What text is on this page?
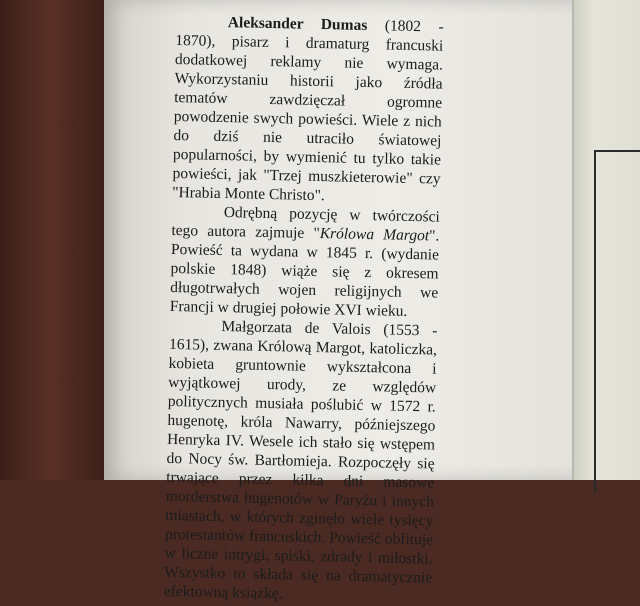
Aleksander Dumas (1802 - 1870), pisarz i dramaturg francuski dodatkowej reklamy nie wymaga. Wykorzystaniu historii jako źródła tematów zawdzięczał ogromne powodzenie swych powieści. Wiele z nich do dziś nie utraciło światowej popularności, by wymienić tu tylko takie powieści, jak "Trzej muszkieterowie" czy "Hrabia Monte Christo".

Odrębną pozycję w twórczości tego autora zajmuje "Królowa Margot". Powieść ta wydana w 1845 r. (wydanie polskie 1848) wiąże się z okresem długotrwałych wojen religijnych we Francji w drugiej połowie XVI wieku.

Małgorzata de Valois (1553 - 1615), zwana Królową Margot, katoliczka, kobieta gruntownie wykształcona i wyjątkowej urody, ze względów politycznych musiała poślubić w 1572 r. hugenotę, króla Nawarry, późniejszego Henryka IV. Wesele ich stało się wstępem do Nocy św. Bartłomieja. Rozpoczęły się trwające przez kilka dni masowe morderstwa hugenotów w Paryżu i innych miastach, w których zginęło wiele tysięcy protestantów francuskich. Powieść obfituje w liczne intrygi, spiski, zdrady i miłostki. Wszystko to składa się na dramatycznie efektowną książkę.
